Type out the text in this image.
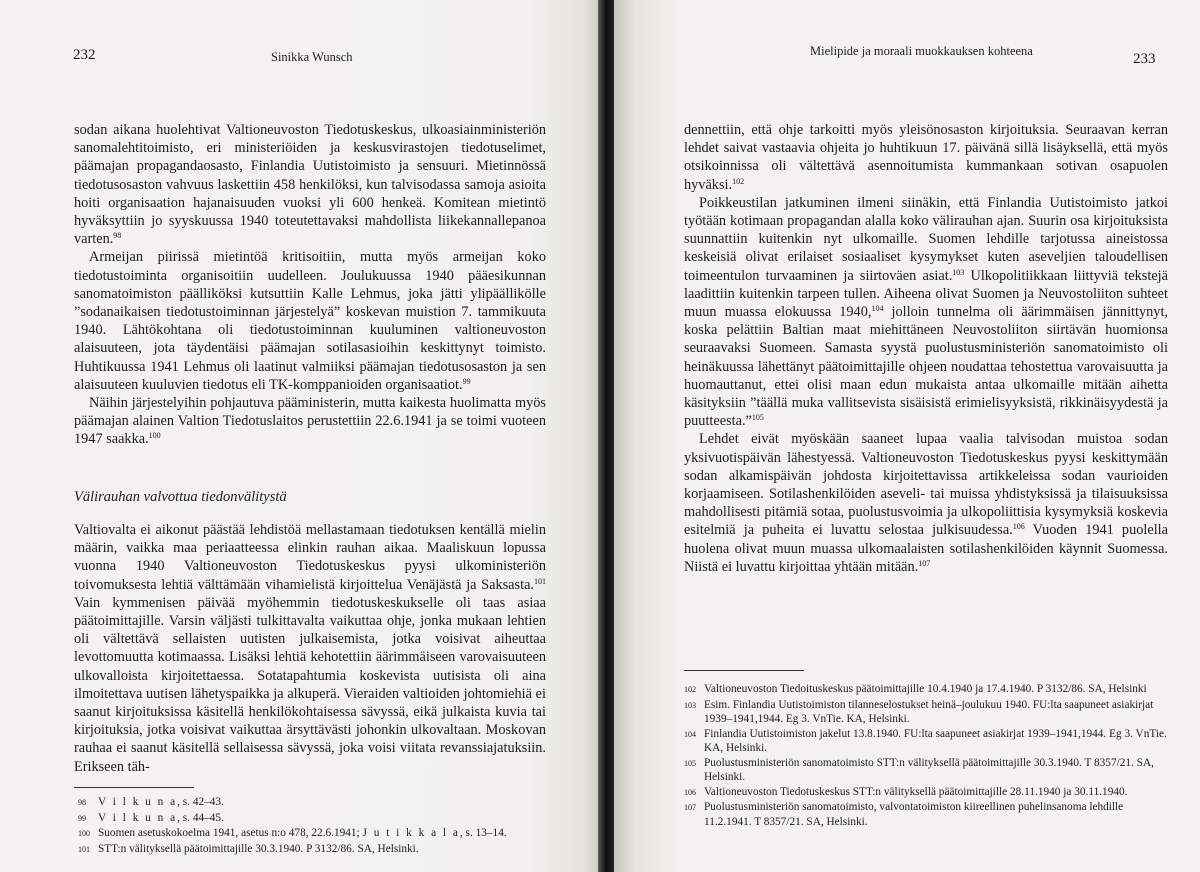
232	Sinikka Wunsch

sodan aikana huolehtivat Valtioneuvoston Tiedotuskeskus, ulkoasiainministeriön sanomalehtitoimisto, eri ministeriöiden ja keskusvirastojen tiedotuselimet, päämajan propagandaosasto, Finlandia Uutistoimisto ja sensuuri. Mietinnössä tiedotusosaston vahvuus laskettiin 458 henkilöksi, kun talvisodassa samoja asioita hoiti organisaation hajanaisuuden vuoksi yli 600 henkeä. Komitean mietintö hyväksyttiin jo syyskuussa 1940 toteutettavaksi mahdollista liikekannallepanoa varten.$^{98}$

Armeijan piirissä mietintöä kritisoitiin, mutta myös armeijan koko tiedotustoiminta organisoitiin uudelleen. Joulukuussa 1940 pääesikunnan sanomatoimiston päälliköksi kutsuttiin Kalle Lehmus, joka jätti ylipäällikölle ”sodanaikaisen tiedotustoiminnan järjestelyä” koskevan muistion 7. tammikuuta 1940. Lähtökohtana oli tiedotustoiminnan kuuluminen valtioneuvoston alaisuuteen, jota täydentäisi päämajan sotilasasioihin keskittynyt toimisto. Huhtikuussa 1941 Lehmus oli laatinut valmiiksi päämajan tiedotusosaston ja sen alaisuuteen kuuluvien tiedotus eli TK-komppanioiden organisaatiot.$^{99}$

Näihin järjestelyihin pohjautuva pääministerin, mutta kaikesta huolimatta myös päämajan alainen Valtion Tiedotuslaitos perustettiin 22.6.1941 ja se toimi vuoteen 1947 saakka.$^{100}$

Välirauhan valvottua tiedonvälitystä

Valtiovalta ei aikonut päästää lehdistöä mellastamaan tiedotuksen kentällä mielin määrin, vaikka maa periaatteessa elinkin rauhan aikaa. Maaliskuun lopussa vuonna 1940 Valtioneuvoston Tiedotuskeskus pyysi ulkoministeriön toivomuksesta lehtiä välttämään vihamielistä kirjoittelua Venäjästä ja Saksasta.$^{101}$ Vain kymmenisen päivää myöhemmin tiedotuskeskukselle oli taas asiaa päätoimittajille. Varsin väljästi tulkittavalta vaikuttaa ohje, jonka mukaan lehtien oli vältettävä sellaisten uutisten julkaisemista, jotka voisivat aiheuttaa levottomuutta kotimaassa. Lisäksi lehtiä kehotettiin äärimmäiseen varovaisuuteen ulkovalloista kirjoitettaessa. Sotatapahtumia koskevista uutisista oli aina ilmoitettava uutisen lähetyspaikka ja alkuperä. Vieraiden valtioiden johtomiehiä ei saanut kirjoituksissa käsitellä henkilökohtaisessa sävyssä, eikä julkaista kuvia tai kirjoituksia, jotka voisivat vaikuttaa ärsyttävästi johonkin ulkovaltaan. Moskovan rauhaa ei saanut käsitellä sellaisessa sävyssä, joka voisi viitata revanssiajatuksiin. Erikseen täh-

98	V i l k u n a, s. 42–43.
99	V i l k u n a, s. 44–45.
100 Suomen asetuskokoelma 1941, asetus n:o 478, 22.6.1941; J u t i k k a l a, s. 13–14.
101 STT:n välityksellä päätoimittajille 30.3.1940. P 3132/86. SA, Helsinki.

Mielipide ja moraali muokkauksen kohteena	233

dennettiin, että ohje tarkoitti myös yleisönosaston kirjoituksia. Seuraavan kerran lehdet saivat vastaavia ohjeita jo huhtikuun 17. päivänä sillä lisäyksellä, että myös otsikoinnissa oli vältettävä asennoitumista kummankaan sotivan osapuolen hyväksi.$^{102}$

Poikkeustilan jatkuminen ilmeni siinäkin, että Finlandia Uutistoimisto jatkoi työtään kotimaan propagandan alalla koko välirauhan ajan. Suurin osa kirjoituksista suunnattiin kuitenkin nyt ulkomaille. Suomen lehdille tarjotussa aineistossa keskeisiä olivat erilaiset sosiaaliset kysymykset kuten aseveljien taloudellisen toimeentulon turvaaminen ja siirtoväen asiat.$^{103}$ Ulkopolitiikkaan liittyviä tekstejä laadittiin kuitenkin tarpeen tullen. Aiheena olivat Suomen ja Neuvostoliiton suhteet muun muassa elokuussa 1940,$^{104}$ jolloin tunnelma oli äärimmäisen jännittynyt, koska pelättiin Baltian maat miehittäneen Neuvostoliiton siirtävän huomionsa seuraavaksi Suomeen. Samasta syystä puolustusministeriön sanomatoimisto oli heinäkuussa lähettänyt päätoimittajille ohjeen noudattaa tehostettua varovaisuutta ja huomauttanut, ettei olisi maan edun mukaista antaa ulkomaille mitään aihetta käsityksiin ”täällä muka vallitsevista sisäisistä erimielisyyksistä, rikkinäisyydestä ja puutteesta.”$^{105}$

Lehdet eivät myöskään saaneet lupaa vaalia talvisodan muistoa sodan yksivuotispäivän lähestyessä. Valtioneuvoston Tiedotuskeskus pyysi keskittymään sodan alkamispäivän johdosta kirjoitettavissa artikkeleissa sodan vaurioiden korjaamiseen. Sotilashenkilöiden aseveli- tai muissa yhdistyksissä ja tilaisuuksissa mahdollisesti pitämiä sotaa, puolustusvoimia ja ulkopoliittisia kysymyksiä koskevia esitelmiä ja puheita ei luvattu selostaa julkisuudessa.$^{106}$ Vuoden 1941 puolella huolena olivat muun muassa ulkomaalaisten sotilashenkilöiden käynnit Suomessa. Niistä ei luvattu kirjoittaa yhtään mitään.$^{107}$

102 Valtioneuvoston Tiedoituskeskus päätoimittajille 10.4.1940 ja 17.4.1940. P 3132/86. SA, Helsinki
103 Esim. Finlandia Uutistoimiston tilanneselostukset heinä–joulukuu 1940. FU:lta saapuneet asiakirjat 1939–1941,1944. Eg 3. VnTie. KA, Helsinki.
104 Finlandia Uutistoimiston jakelut 13.8.1940. FU:lta saapuneet asiakirjat 1939–1941,1944. Eg 3. VnTie. KA, Helsinki.
105 Puolustusministeriön sanomatoimisto STT:n välityksellä päätoimittajille 30.3.1940. T 8357/21. SA, Helsinki.
106 Valtioneuvoston Tiedotuskeskus STT:n välityksellä päätoimittajille 28.11.1940 ja 30.11.1940.
107 Puolustusministeriön sanomatoimisto, valvontatoimiston kiireellinen puhelinsanoma lehdille 11.2.1941. T 8357/21. SA, Helsinki.
